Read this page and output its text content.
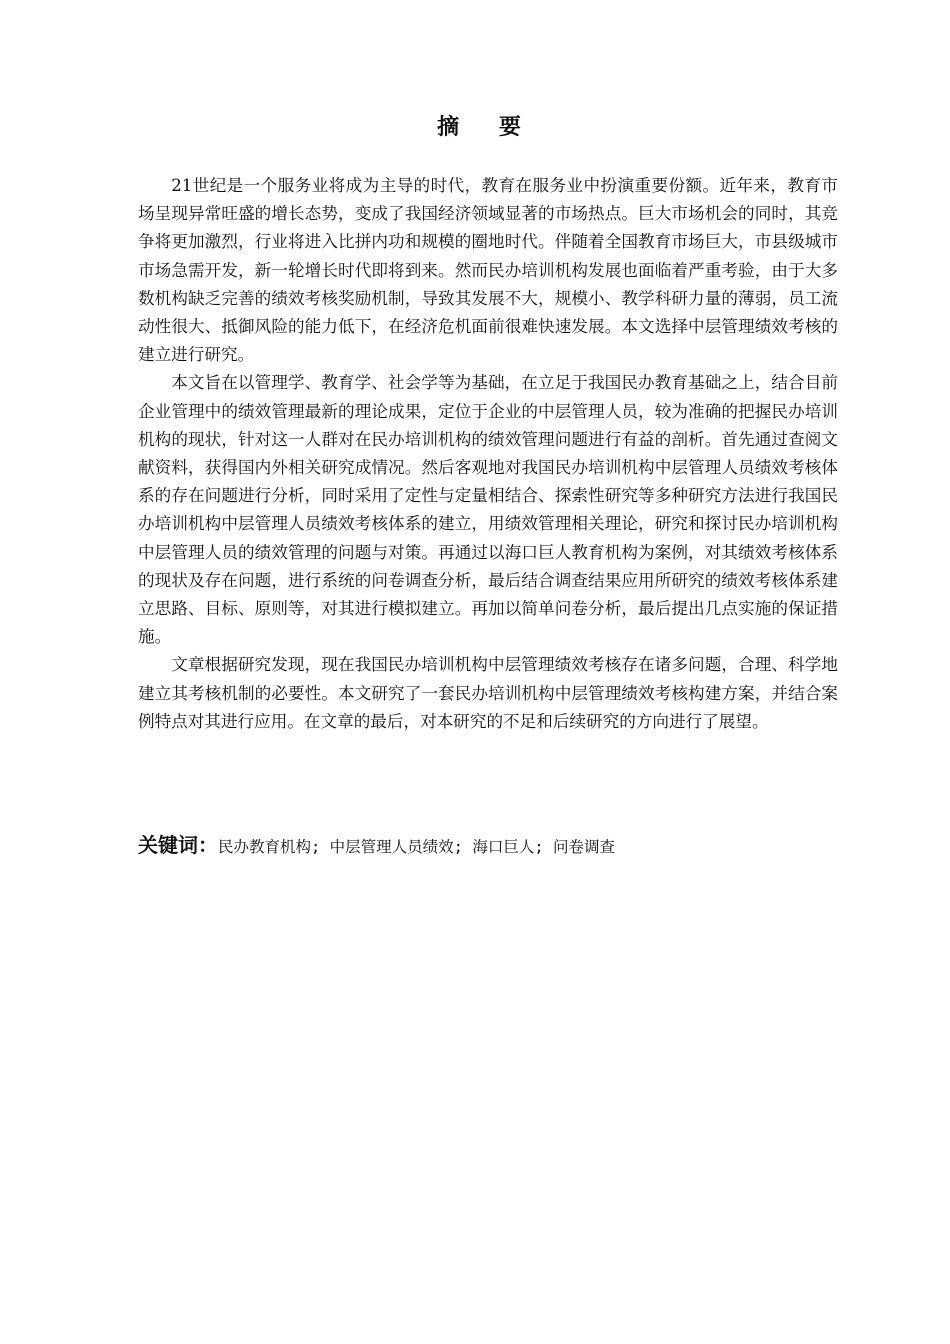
摘 要

21世纪是一个服务业将成为主导的时代，教育在服务业中扮演重要份额。近年来，教育市场呈现异常旺盛的增长态势，变成了我国经济领域显著的市场热点。巨大市场机会的同时，其竞争将更加激烈，行业将进入比拼内功和规模的圈地时代。伴随着全国教育市场巨大，市县级城市市场急需开发，新一轮增长时代即将到来。然而民办培训机构发展也面临着严重考验，由于大多数机构缺乏完善的绩效考核奖励机制，导致其发展不大，规模小、教学科研力量的薄弱，员工流动性很大、抵御风险的能力低下，在经济危机面前很难快速发展。本文选择中层管理绩效考核的建立进行研究。

本文旨在以管理学、教育学、社会学等为基础，在立足于我国民办教育基础之上，结合目前企业管理中的绩效管理最新的理论成果，定位于企业的中层管理人员，较为准确的把握民办培训机构的现状，针对这一人群对在民办培训机构的绩效管理问题进行有益的剖析。首先通过查阅文献资料，获得国内外相关研究成情况。然后客观地对我国民办培训机构中层管理人员绩效考核体系的存在问题进行分析，同时采用了定性与定量相结合、探索性研究等多种研究方法进行我国民办培训机构中层管理人员绩效考核体系的建立，用绩效管理相关理论，研究和探讨民办培训机构中层管理人员的绩效管理的问题与对策。再通过以海口巨人教育机构为案例，对其绩效考核体系的现状及存在问题，进行系统的问卷调查分析，最后结合调查结果应用所研究的绩效考核体系建立思路、目标、原则等，对其进行模拟建立。再加以简单问卷分析，最后提出几点实施的保证措施。

文章根据研究发现，现在我国民办培训机构中层管理绩效考核存在诸多问题，合理、科学地建立其考核机制的必要性。本文研究了一套民办培训机构中层管理绩效考核构建方案，并结合案例特点对其进行应用。在文章的最后，对本研究的不足和后续研究的方向进行了展望。

关键词：民办教育机构; 中层管理人员绩效; 海口巨人; 问卷调查
